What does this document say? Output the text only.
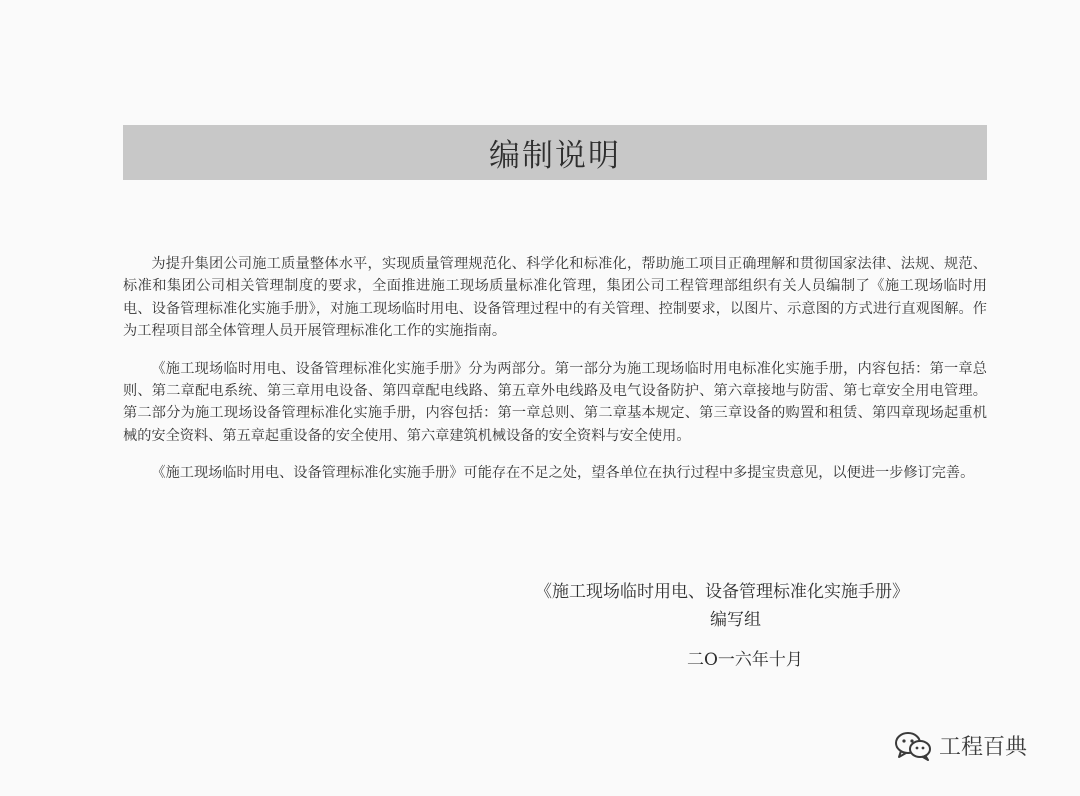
编制说明

为提升集团公司施工质量整体水平，实现质量管理规范化、科学化和标准化，帮助施工项目正确理解和贯彻国家法律、法规、规范、标准和集团公司相关管理制度的要求，全面推进施工现场质量标准化管理，集团公司工程管理部组织有关人员编制了《施工现场临时用电、设备管理标准化实施手册》，对施工现场临时用电、设备管理过程中的有关管理、控制要求，以图片、示意图的方式进行直观图解。作为工程项目部全体管理人员开展管理标准化工作的实施指南。

《施工现场临时用电、设备管理标准化实施手册》分为两部分。第一部分为施工现场临时用电标准化实施手册，内容包括：第一章总则、第二章配电系统、第三章用电设备、第四章配电线路、第五章外电线路及电气设备防护、第六章接地与防雷、第七章安全用电管理。第二部分为施工现场设备管理标准化实施手册，内容包括：第一章总则、第二章基本规定、第三章设备的购置和租赁、第四章现场起重机械的安全资料、第五章起重设备的安全使用、第六章建筑机械设备的安全资料与安全使用。

《施工现场临时用电、设备管理标准化实施手册》可能存在不足之处，望各单位在执行过程中多提宝贵意见，以便进一步修订完善。

《施工现场临时用电、设备管理标准化实施手册》
编写组
二O一六年十月
工程百典
